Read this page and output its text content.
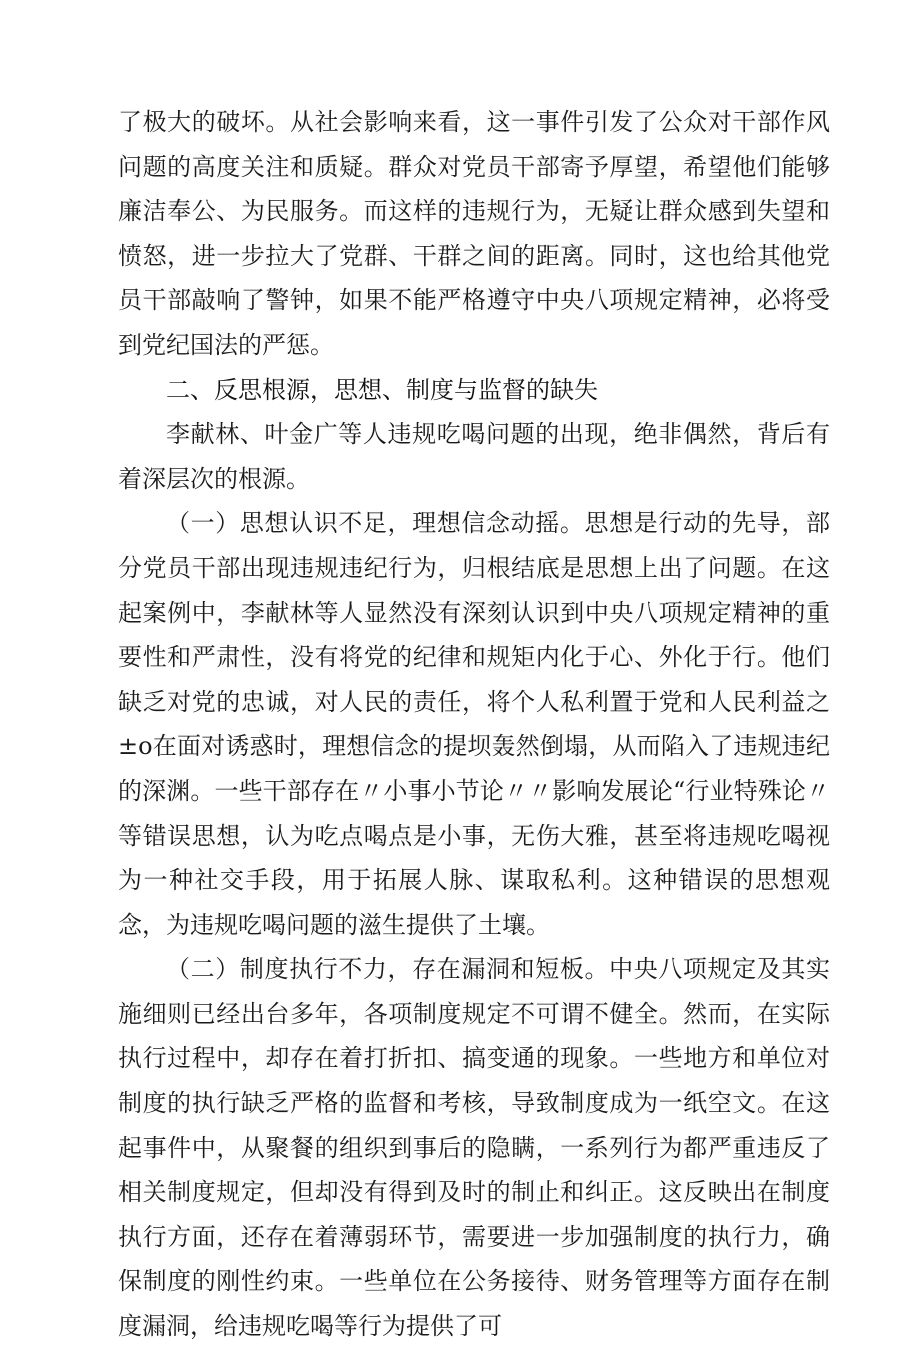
了极大的破坏。从社会影响来看，这一事件引发了公众对干部作风问题的高度关注和质疑。群众对党员干部寄予厚望，希望他们能够廉洁奉公、为民服务。而这样的违规行为，无疑让群众感到失望和愤怒，进一步拉大了党群、干群之间的距离。同时，这也给其他党员干部敲响了警钟，如果不能严格遵守中央八项规定精神，必将受到党纪国法的严惩。

二、反思根源，思想、制度与监督的缺失

李献林、叶金广等人违规吃喝问题的出现，绝非偶然，背后有着深层次的根源。

（一）思想认识不足，理想信念动摇。思想是行动的先导，部分党员干部出现违规违纪行为，归根结底是思想上出了问题。在这起案例中，李献林等人显然没有深刻认识到中央八项规定精神的重要性和严肃性，没有将党的纪律和规矩内化于心、外化于行。他们缺乏对党的忠诚，对人民的责任，将个人私利置于党和人民利益之±o在面对诱惑时，理想信念的提坝轰然倒塌，从而陷入了违规违纪的深渊。一些干部存在〃小事小节论〃〃影响发展论“行业特殊论〃等错误思想，认为吃点喝点是小事，无伤大雅，甚至将违规吃喝视为一种社交手段，用于拓展人脉、谋取私利。这种错误的思想观念，为违规吃喝问题的滋生提供了土壤。

（二）制度执行不力，存在漏洞和短板。中央八项规定及其实施细则已经出台多年，各项制度规定不可谓不健全。然而，在实际执行过程中，却存在着打折扣、搞变通的现象。一些地方和单位对制度的执行缺乏严格的监督和考核，导致制度成为一纸空文。在这起事件中，从聚餐的组织到事后的隐瞒，一系列行为都严重违反了相关制度规定，但却没有得到及时的制止和纠正。这反映出在制度执行方面，还存在着薄弱环节，需要进一步加强制度的执行力，确保制度的刚性约束。一些单位在公务接待、财务管理等方面存在制度漏洞，给违规吃喝等行为提供了可
